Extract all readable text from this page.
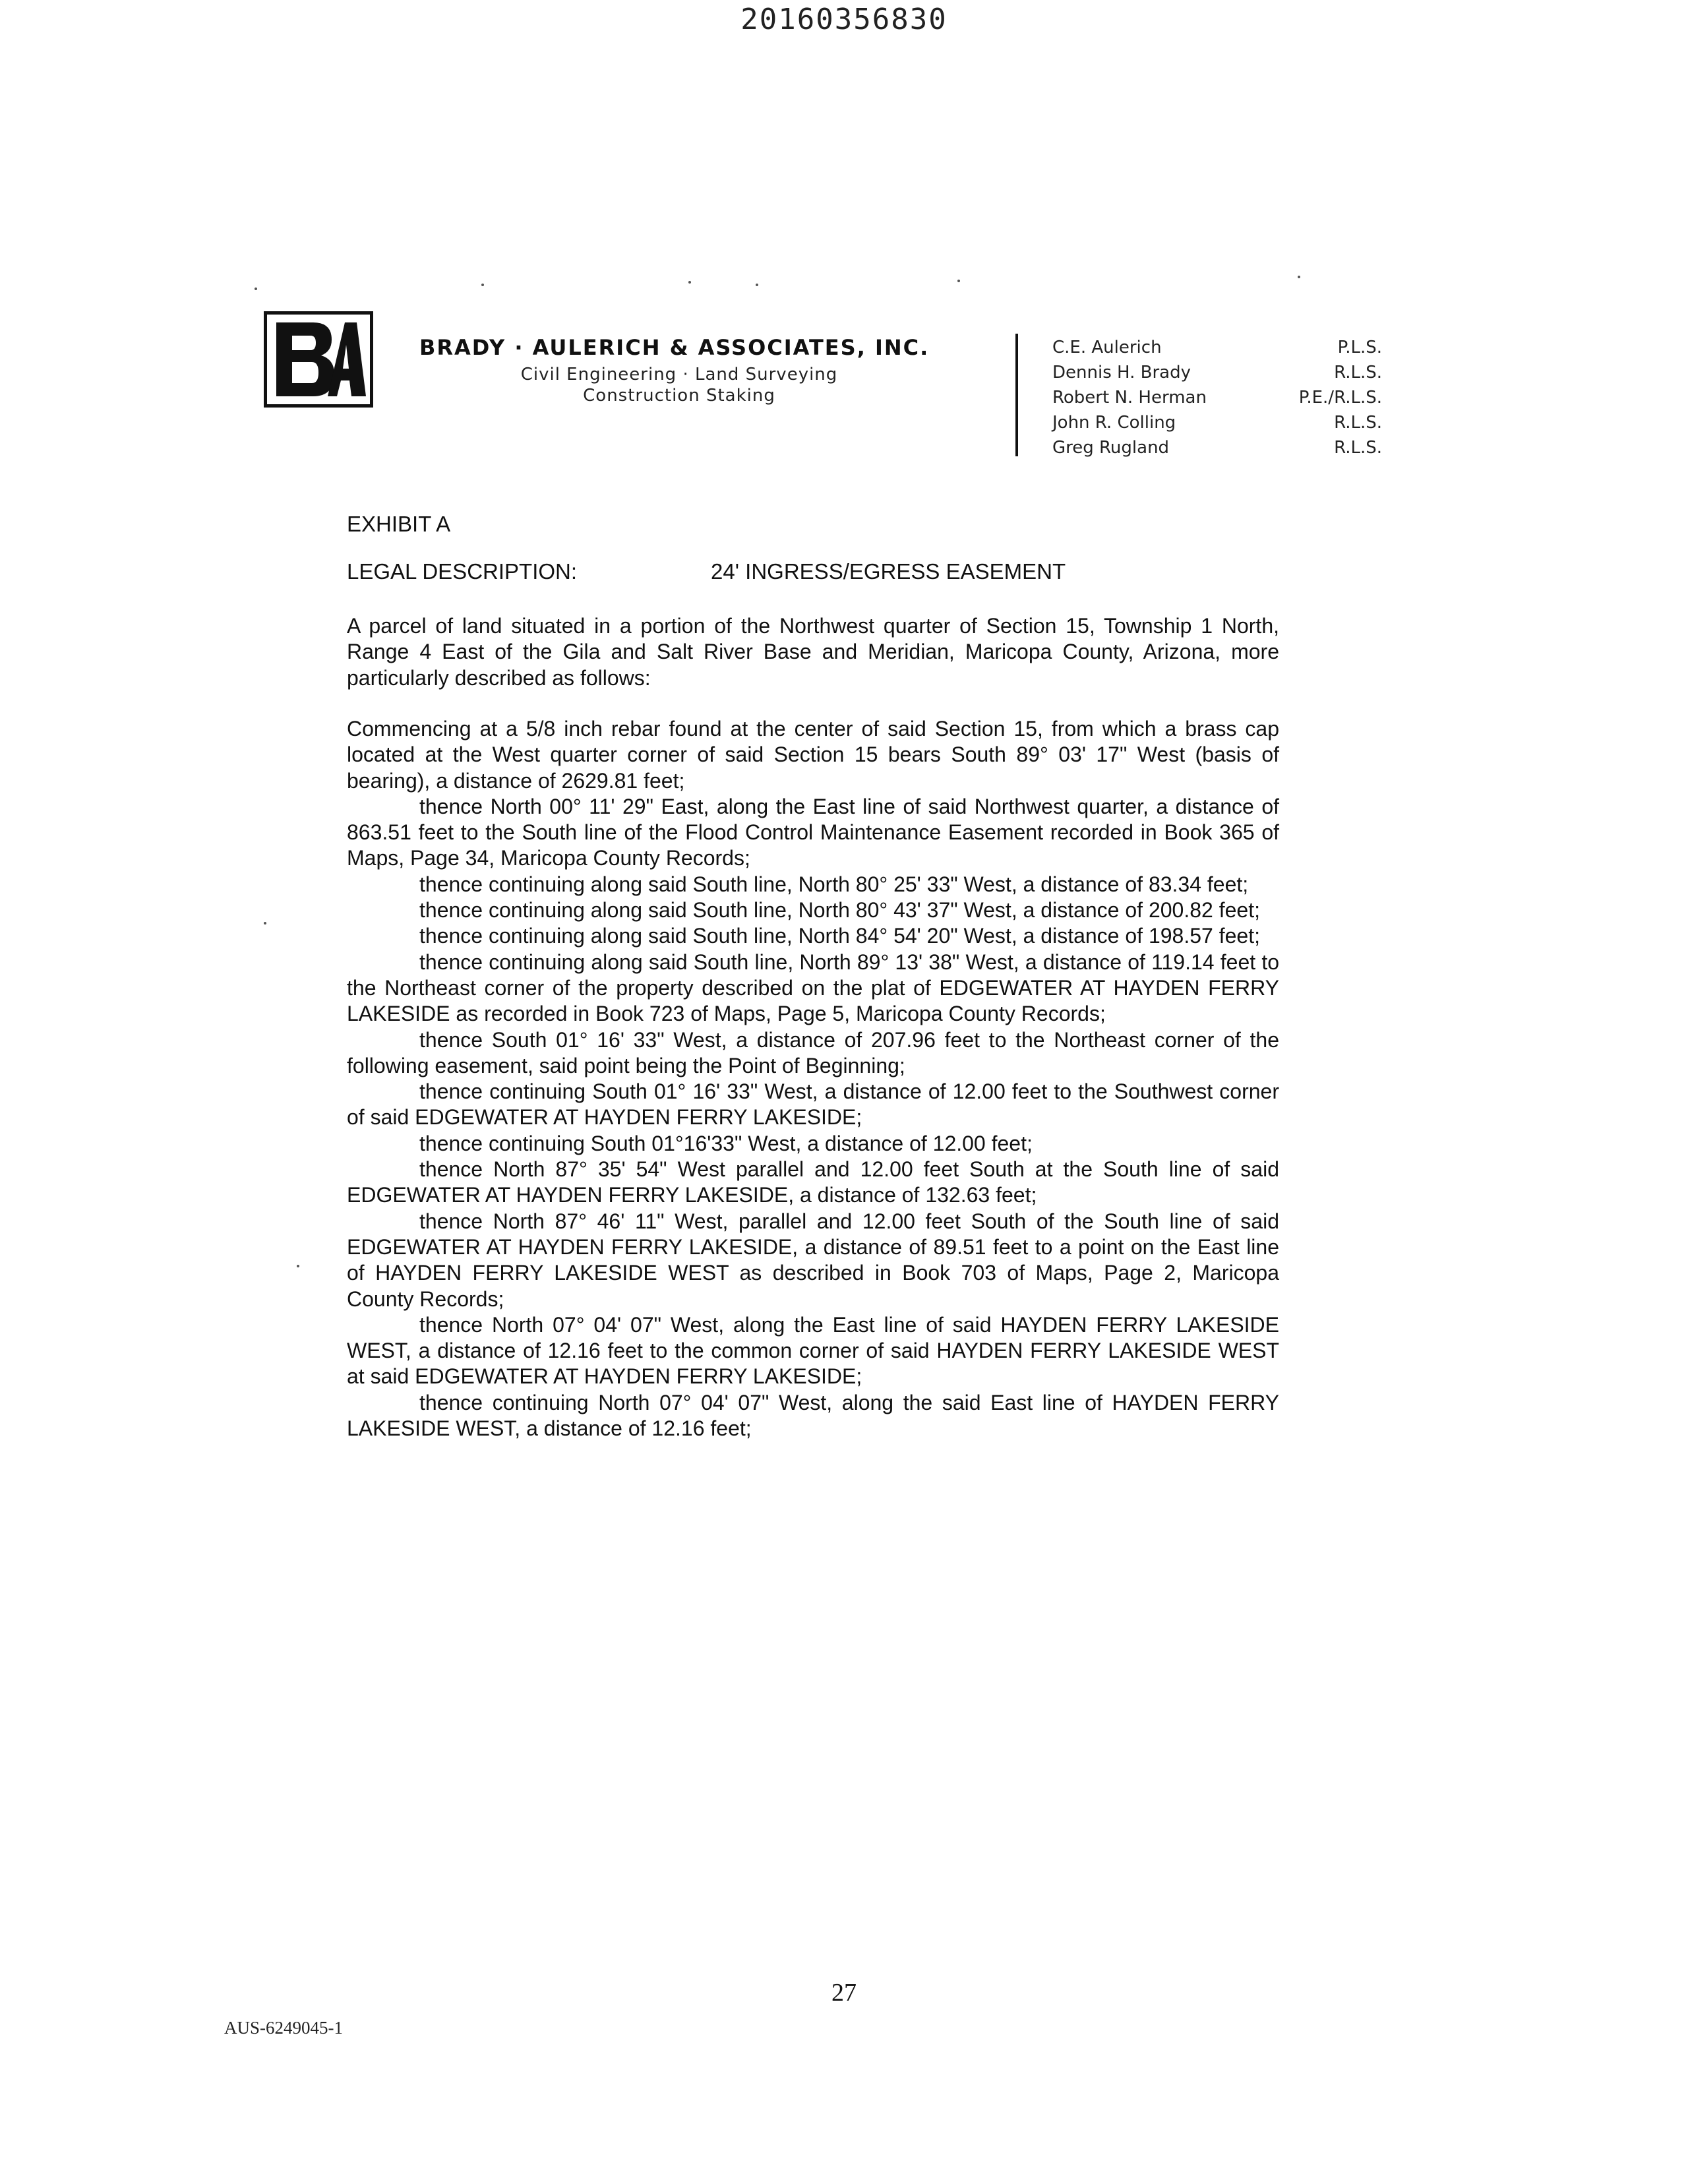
20160356830
BRADY · AULERICH & ASSOCIATES, INC.
Civil Engineering · Land Surveying
Construction Staking
C.E. Aulerich	P.L.S.
Dennis H. Brady	R.L.S.
Robert N. Herman	P.E./R.L.S.
John R. Colling	R.L.S.
Greg Rugland	R.L.S.
EXHIBIT A
LEGAL DESCRIPTION:	24' INGRESS/EGRESS EASEMENT

A parcel of land situated in a portion of the Northwest quarter of Section 15, Township 1 North, Range 4 East of the Gila and Salt River Base and Meridian, Maricopa County, Arizona, more particularly described as follows:

Commencing at a 5/8 inch rebar found at the center of said Section 15, from which a brass cap located at the West quarter corner of said Section 15 bears South 89° 03' 17" West (basis of bearing), a distance of 2629.81 feet;
thence North 00° 11' 29" East, along the East line of said Northwest quarter, a distance of 863.51 feet to the South line of the Flood Control Maintenance Easement recorded in Book 365 of Maps, Page 34, Maricopa County Records;
thence continuing along said South line, North 80° 25' 33" West, a distance of 83.34 feet;
thence continuing along said South line, North 80° 43' 37" West, a distance of 200.82 feet;
thence continuing along said South line, North 84° 54' 20" West, a distance of 198.57 feet;
thence continuing along said South line, North 89° 13' 38" West, a distance of 119.14 feet to the Northeast corner of the property described on the plat of EDGEWATER AT HAYDEN FERRY LAKESIDE as recorded in Book 723 of Maps, Page 5, Maricopa County Records;
thence South 01° 16' 33" West, a distance of 207.96 feet to the Northeast corner of the following easement, said point being the Point of Beginning;
thence continuing South 01° 16' 33" West, a distance of 12.00 feet to the Southwest corner of said EDGEWATER AT HAYDEN FERRY LAKESIDE;
thence continuing South 01°16'33" West, a distance of 12.00 feet;
thence North 87° 35' 54" West parallel and 12.00 feet South at the South line of said EDGEWATER AT HAYDEN FERRY LAKESIDE, a distance of 132.63 feet;
thence North 87° 46' 11" West, parallel and 12.00 feet South of the South line of said EDGEWATER AT HAYDEN FERRY LAKESIDE, a distance of 89.51 feet to a point on the East line of HAYDEN FERRY LAKESIDE WEST as described in Book 703 of Maps, Page 2, Maricopa County Records;
thence North 07° 04' 07" West, along the East line of said HAYDEN FERRY LAKESIDE WEST, a distance of 12.16 feet to the common corner of said HAYDEN FERRY LAKESIDE WEST at said EDGEWATER AT HAYDEN FERRY LAKESIDE;
thence continuing North 07° 04' 07" West, along the said East line of HAYDEN FERRY LAKESIDE WEST, a distance of 12.16 feet;
27
AUS-6249045-1
